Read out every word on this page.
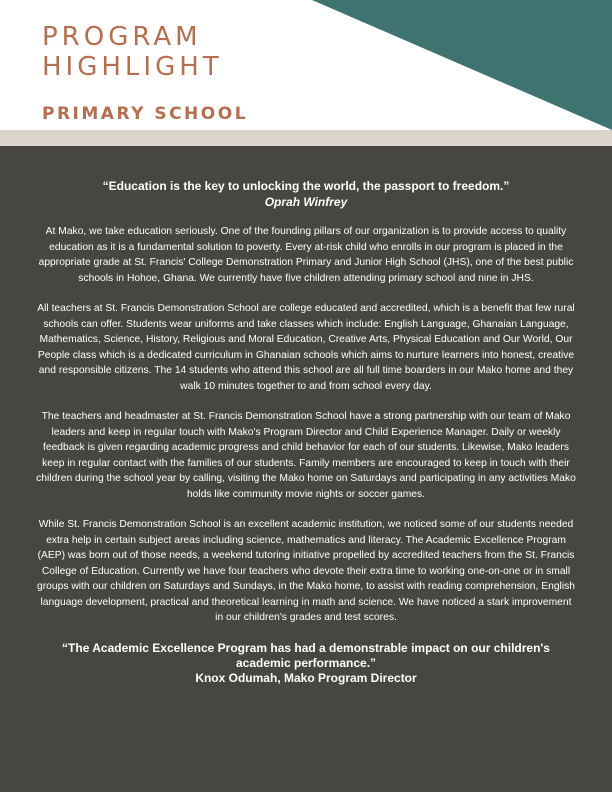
PROGRAM
HIGHLIGHT
PRIMARY SCHOOL

“Education is the key to unlocking the world, the passport to freedom.”

Oprah Winfrey

At Mako, we take education seriously. One of the founding pillars of our organization is to provide access to quality education as it is a fundamental solution to poverty. Every at-risk child who enrolls in our program is placed in the appropriate grade at St. Francis' College Demonstration Primary and Junior High School (JHS), one of the best public schools in Hohoe, Ghana. We currently have five children attending primary school and nine in JHS.

All teachers at St. Francis Demonstration School are college educated and accredited, which is a benefit that few rural schools can offer. Students wear uniforms and take classes which include: English Language, Ghanaian Language, Mathematics, Science, History, Religious and Moral Education, Creative Arts, Physical Education and Our World, Our People class which is a dedicated curriculum in Ghanaian schools which aims to nurture learners into honest, creative and responsible citizens. The 14 students who attend this school are all full time boarders in our Mako home and they walk 10 minutes together to and from school every day.

The teachers and headmaster at St. Francis Demonstration School have a strong partnership with our team of Mako leaders and keep in regular touch with Mako's Program Director and Child Experience Manager. Daily or weekly feedback is given regarding academic progress and child behavior for each of our students. Likewise, Mako leaders keep in regular contact with the families of our students. Family members are encouraged to keep in touch with their children during the school year by calling, visiting the Mako home on Saturdays and participating in any activities Mako holds like community movie nights or soccer games.

While St. Francis Demonstration School is an excellent academic institution, we noticed some of our students needed extra help in certain subject areas including science, mathematics and literacy. The Academic Excellence Program (AEP) was born out of those needs, a weekend tutoring initiative propelled by accredited teachers from the St. Francis College of Education. Currently we have four teachers who devote their extra time to working one-on-one or in small groups with our children on Saturdays and Sundays, in the Mako home, to assist with reading comprehension, English language development, practical and theoretical learning in math and science. We have noticed a stark improvement in our children's grades and test scores.

“The Academic Excellence Program has had a demonstrable impact on our children's academic performance.”

Knox Odumah, Mako Program Director
